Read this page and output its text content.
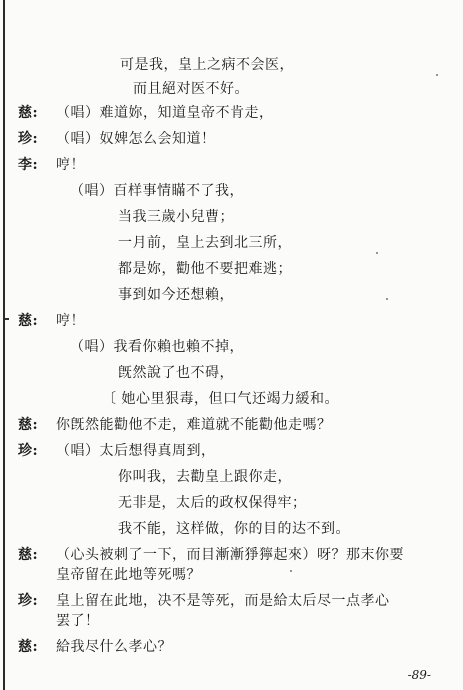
可是我，皇上之病不会医，
而且絕对医不好。
慈: （唱）难道妳，知道皇帝不肯走，
珍: （唱）奴婢怎么会知道！
李: 哼！
（唱）百样事情瞞不了我，
当我三歲小兒曹；
一月前，皇上去到北三所，
都是妳，勸他不要把难逃；
事到如今还想賴，
慈: 哼！
（唱）我看你賴也賴不掉，
旣然說了也不碍，
〔 她心里狠毒，但口气还竭力緩和。
慈: 你旣然能勸他不走，难道就不能勸他走嗎？
珍: （唱）太后想得真周到，
你叫我，去勸皇上跟你走，
无非是，太后的政权保得牢；
我不能，这样做，你的目的达不到。
慈: （心头被刺了一下，而目漸漸猙獰起來）呀？那末你要
皇帝留在此地等死嗎？
珍: 皇上留在此地，决不是等死，而是給太后尽一点孝心
罢了！
慈: 給我尽什么孝心？
-89-
